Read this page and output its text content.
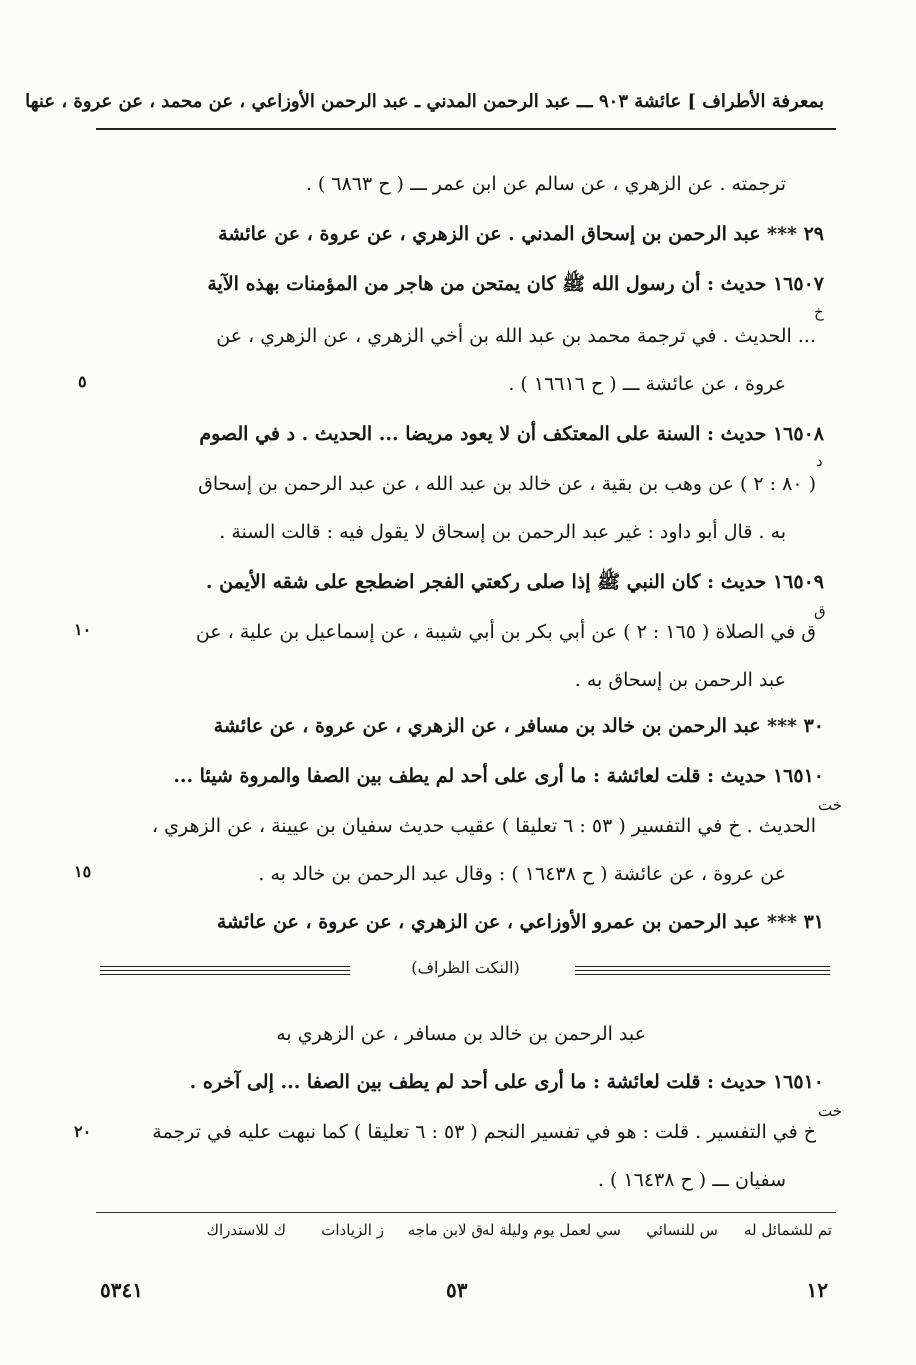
بمعرفة الأطراف ] عائشة ٩٠٣ ـــ عبد الرحمن المدني ـ عبد الرحمن الأوزاعي ، عن محمد ، عن عروة ، عنها
ترجمته . عن الزهري ، عن سالم عن ابن عمر ـــ ( ح ٦٨٦٣ ) .
٢٩ *** عبد الرحمن بن إسحاق المدني . عن الزهري ، عن عروة ، عن عائشة
١٦٥٠٧ حديث : أن رسول الله ﷺ كان يمتحن من هاجر من المؤمنات بهذه الآية
... الحديث . في ترجمة محمد بن عبد الله بن أخي الزهري ، عن الزهري ، عن
عروة ، عن عائشة ـــ ( ح ١٦٦١٦ ) .
١٦٥٠٨ حديث : السنة على المعتكف أن لا يعود مريضا ... الحديث . د في الصوم
( ٨٠ : ٢ ) عن وهب بن بقية ، عن خالد بن عبد الله ، عن عبد الرحمن بن إسحاق
به . قال أبو داود : غير عبد الرحمن بن إسحاق لا يقول فيه : قالت السنة .
١٦٥٠٩ حديث : كان النبي ﷺ إذا صلى ركعتي الفجر اضطجع على شقه الأيمن .
ق في الصلاة ( ١٦٥ : ٢ ) عن أبي بكر بن أبي شيبة ، عن إسماعيل بن علية ، عن
عبد الرحمن بن إسحاق به .
٣٠ *** عبد الرحمن بن خالد بن مسافر ، عن الزهري ، عن عروة ، عن عائشة
١٦٥١٠ حديث : قلت لعائشة : ما أرى على أحد لم يطف بين الصفا والمروة شيئا ...
الحديث . خ في التفسير ( ٥٣ : ٦ تعليقا ) عقيب حديث سفيان بن عيينة ، عن الزهري ،
عن عروة ، عن عائشة ( ح ١٦٤٣٨ ) : وقال عبد الرحمن بن خالد به .
٣١ *** عبد الرحمن بن عمرو الأوزاعي ، عن الزهري ، عن عروة ، عن عائشة
(النكت الظراف)
عبد الرحمن بن خالد بن مسافر ، عن الزهري به
١٦٥١٠ حديث : قلت لعائشة : ما أرى على أحد لم يطف بين الصفا ... إلى آخره .
خ في التفسير . قلت : هو في تفسير النجم ( ٥٣ : ٦ تعليقا ) كما نبهت عليه في ترجمة
سفيان ـــ ( ح ١٦٤٣٨ ) .
تم للشمائل له
س للنسائي
سي لعمل يوم وليلة له
ق لابن ماجه
ز الزيادات
ك للاستدراك
٥
١٠
١٥
٢٠
خ
د
ق
خت
خت
١٢
٥٣
٥٣٤١
